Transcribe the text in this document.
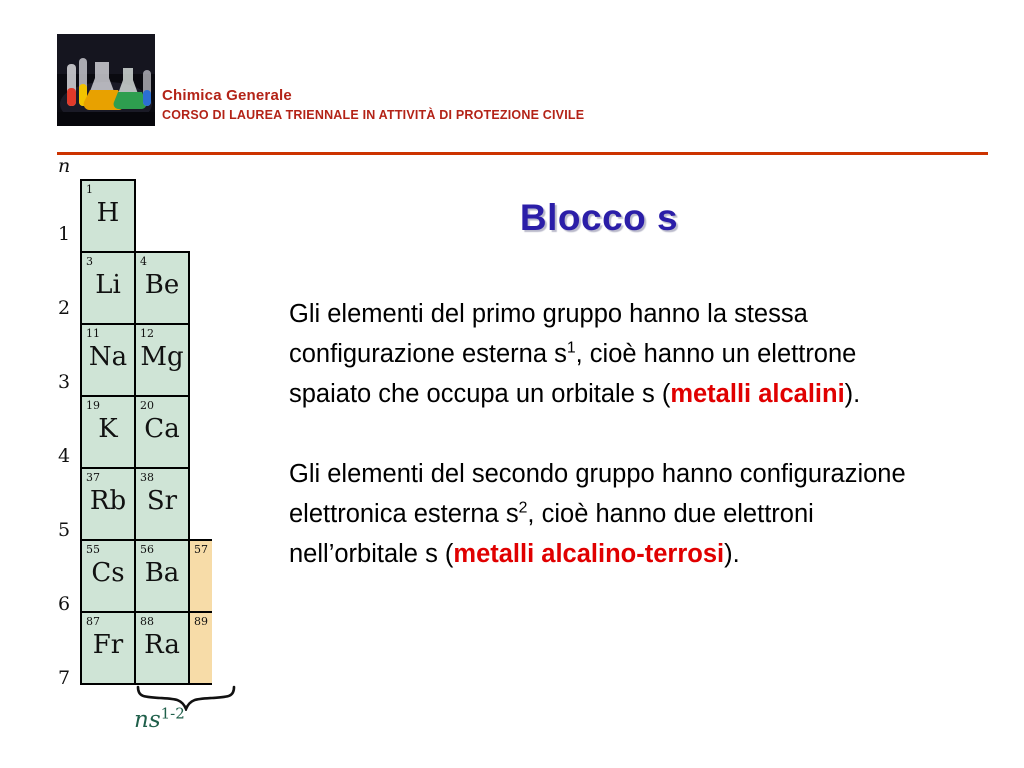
Chimica Generale
CORSO DI LAUREA TRIENNALE IN ATTIVITÀ DI PROTEZIONE CIVILE
Blocco s

Gli elementi del primo gruppo hanno la stessa configurazione esterna $s^1$, cioè hanno un elettrone spaiato che occupa un orbitale s (metalli alcalini).

Gli elementi del secondo gruppo hanno configurazione elettronica esterna $s^2$, cioè hanno due elettroni nell’orbitale s (metalli alcalino-terrosi).

n
1
2
3
4
5
6
7
1
H
3
Li
4
Be
11
Na
12
Mg
19
K
20
Ca
37
Rb
38
Sr
55
Cs
56
Ba
57
87
Fr
88
Ra
89
$ns^{1-2}$
